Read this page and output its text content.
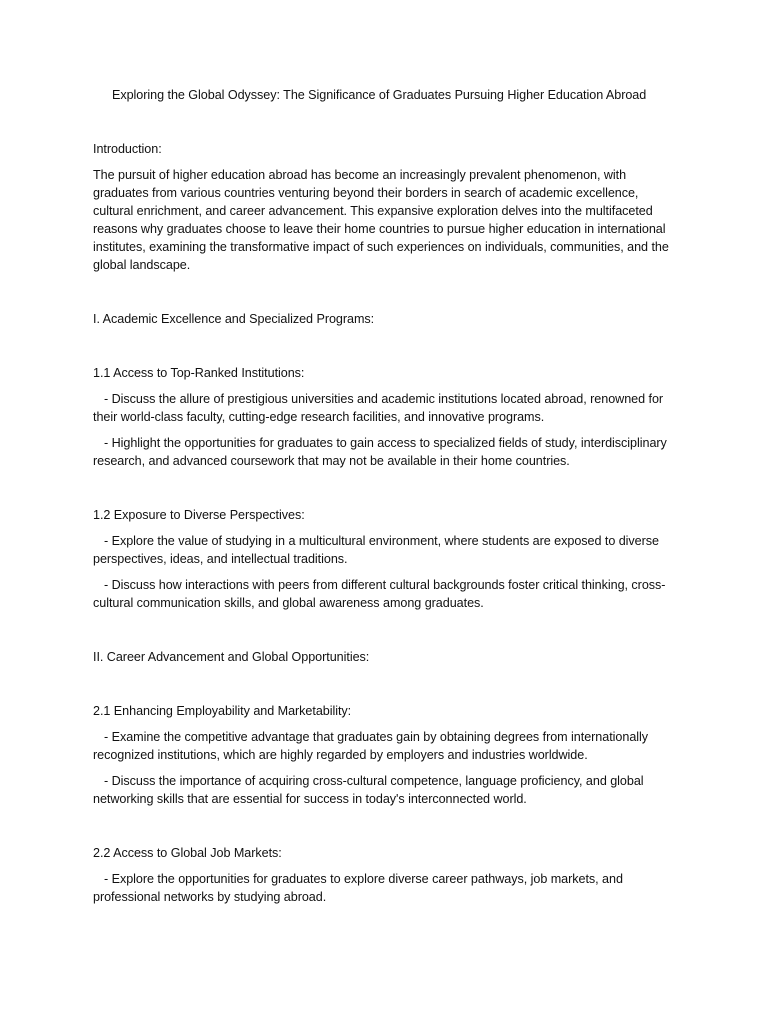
Exploring the Global Odyssey: The Significance of Graduates Pursuing Higher Education Abroad
Introduction:
The pursuit of higher education abroad has become an increasingly prevalent phenomenon, with graduates from various countries venturing beyond their borders in search of academic excellence, cultural enrichment, and career advancement. This expansive exploration delves into the multifaceted reasons why graduates choose to leave their home countries to pursue higher education in international institutes, examining the transformative impact of such experiences on individuals, communities, and the global landscape.
I. Academic Excellence and Specialized Programs:
1.1 Access to Top-Ranked Institutions:
- Discuss the allure of prestigious universities and academic institutions located abroad, renowned for their world-class faculty, cutting-edge research facilities, and innovative programs.
- Highlight the opportunities for graduates to gain access to specialized fields of study, interdisciplinary research, and advanced coursework that may not be available in their home countries.
1.2 Exposure to Diverse Perspectives:
- Explore the value of studying in a multicultural environment, where students are exposed to diverse perspectives, ideas, and intellectual traditions.
- Discuss how interactions with peers from different cultural backgrounds foster critical thinking, cross-cultural communication skills, and global awareness among graduates.
II. Career Advancement and Global Opportunities:
2.1 Enhancing Employability and Marketability:
- Examine the competitive advantage that graduates gain by obtaining degrees from internationally recognized institutions, which are highly regarded by employers and industries worldwide.
- Discuss the importance of acquiring cross-cultural competence, language proficiency, and global networking skills that are essential for success in today's interconnected world.
2.2 Access to Global Job Markets:
- Explore the opportunities for graduates to explore diverse career pathways, job markets, and professional networks by studying abroad.
